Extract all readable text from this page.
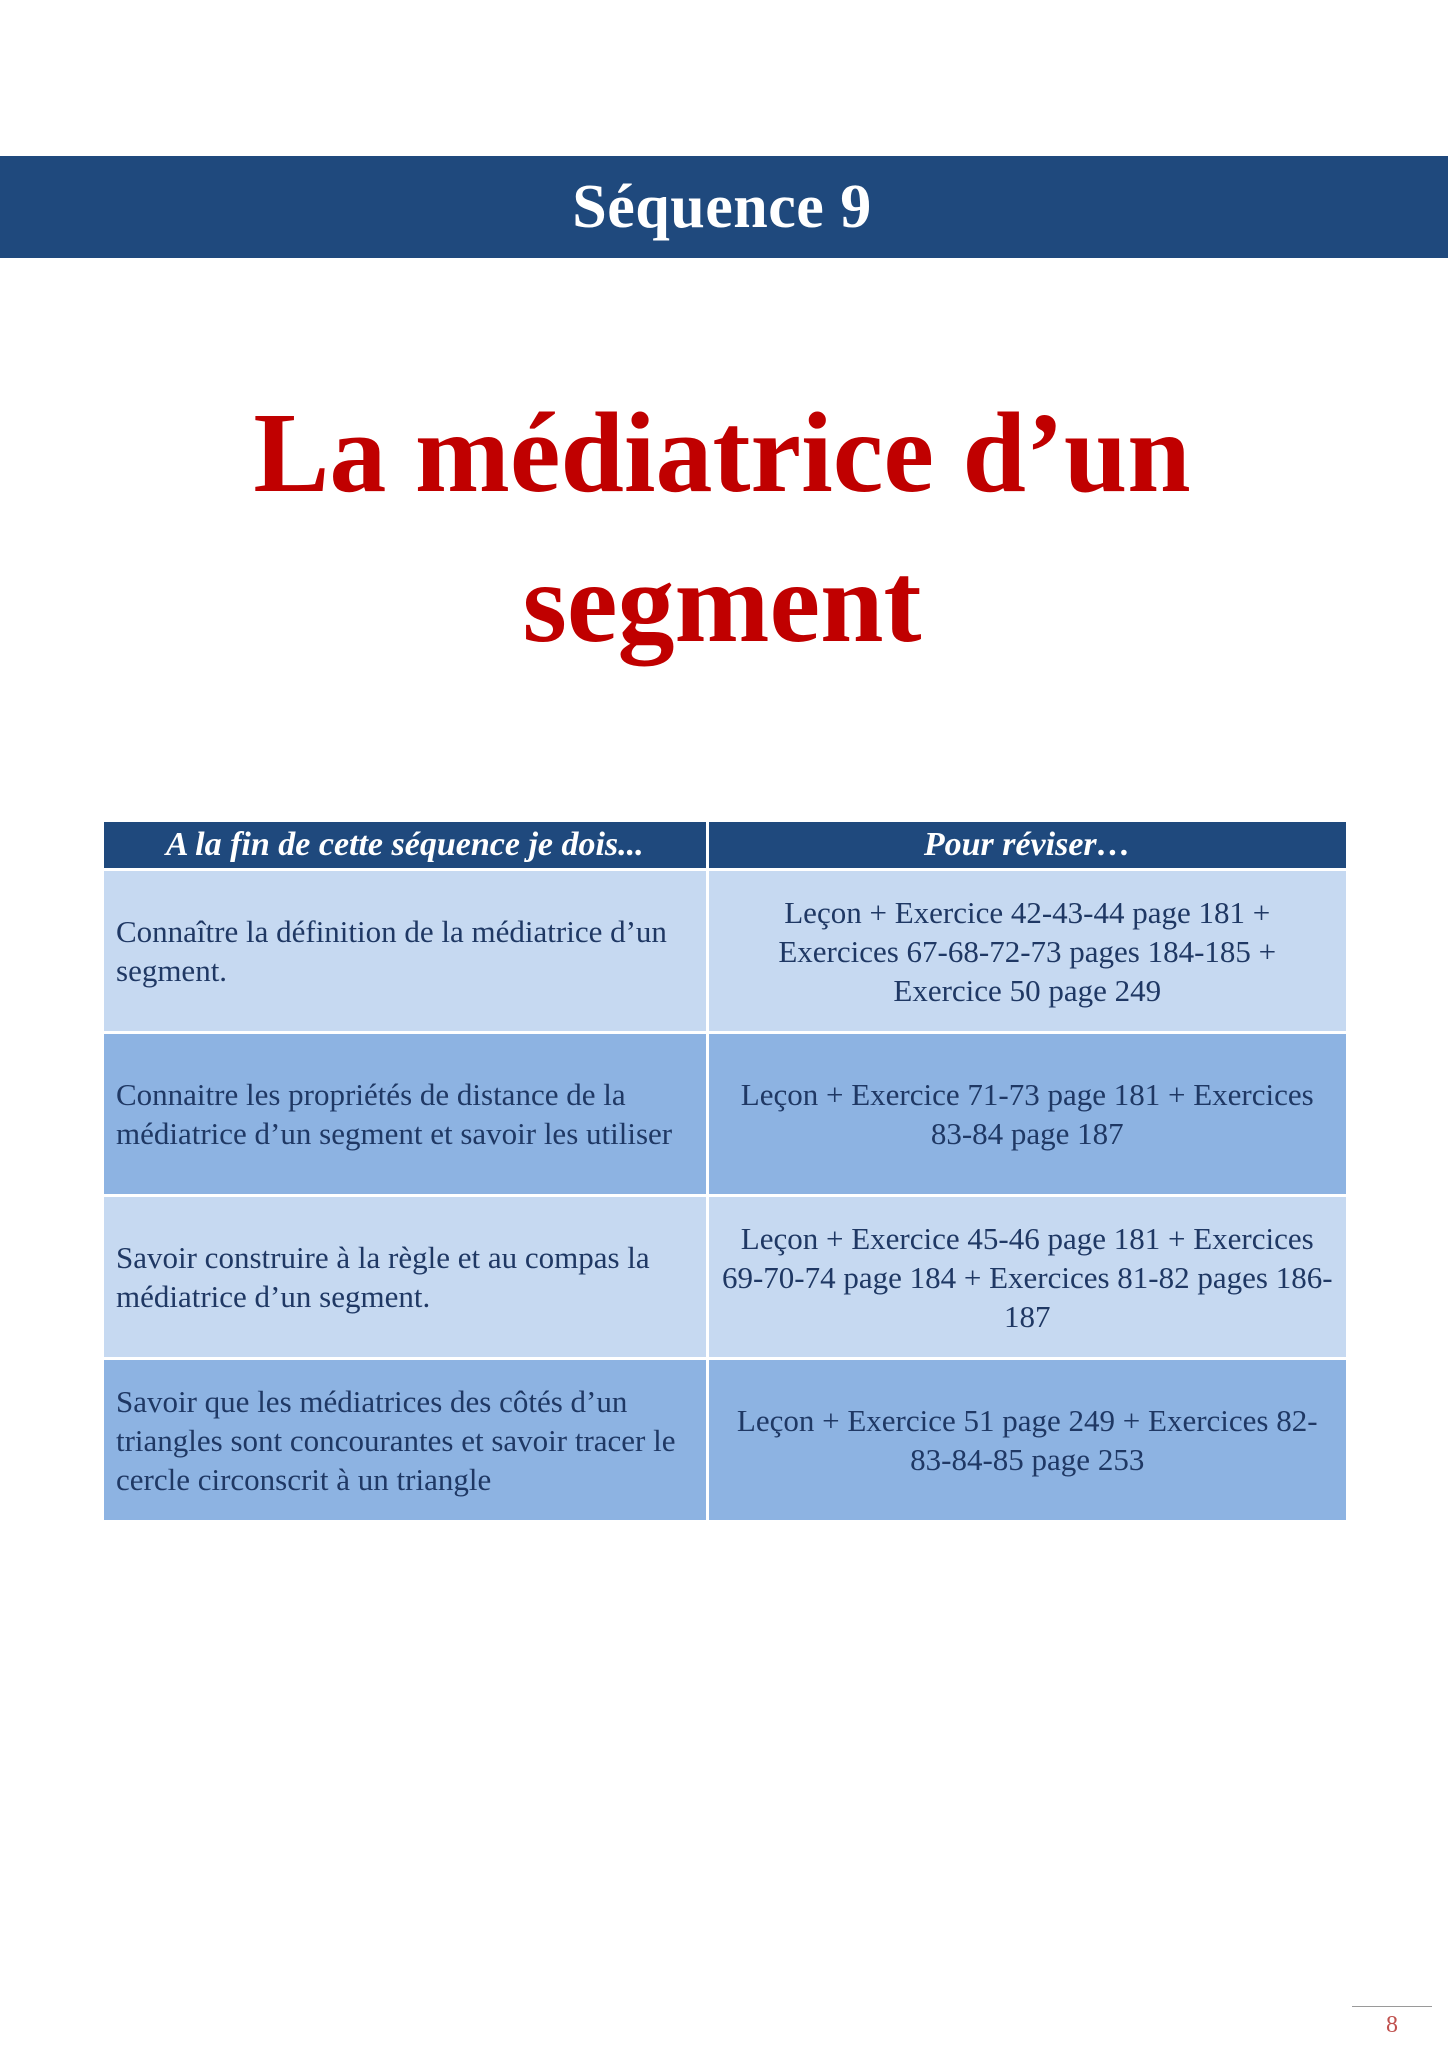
Séquence 9
La médiatrice d’un
segment
A la fin de cette séquence je dois...	Pour réviser…
Connaître la définition de la médiatrice d’un segment.	Leçon + Exercice 42-43-44 page 181 + Exercices 67-68-72-73 pages 184-185 + Exercice 50 page 249
Connaitre les propriétés de distance de la médiatrice d’un segment et savoir les utiliser	Leçon + Exercice 71-73 page 181 + Exercices 83-84 page 187
Savoir construire à la règle et au compas la médiatrice d’un segment.	Leçon + Exercice 45-46 page 181 + Exercices 69-70-74 page 184 + Exercices 81-82 pages 186-187
Savoir que les médiatrices des côtés d’un triangles sont concourantes et savoir tracer le cercle circonscrit à un triangle	Leçon + Exercice 51 page 249 + Exercices 82-83-84-85 page 253
8
